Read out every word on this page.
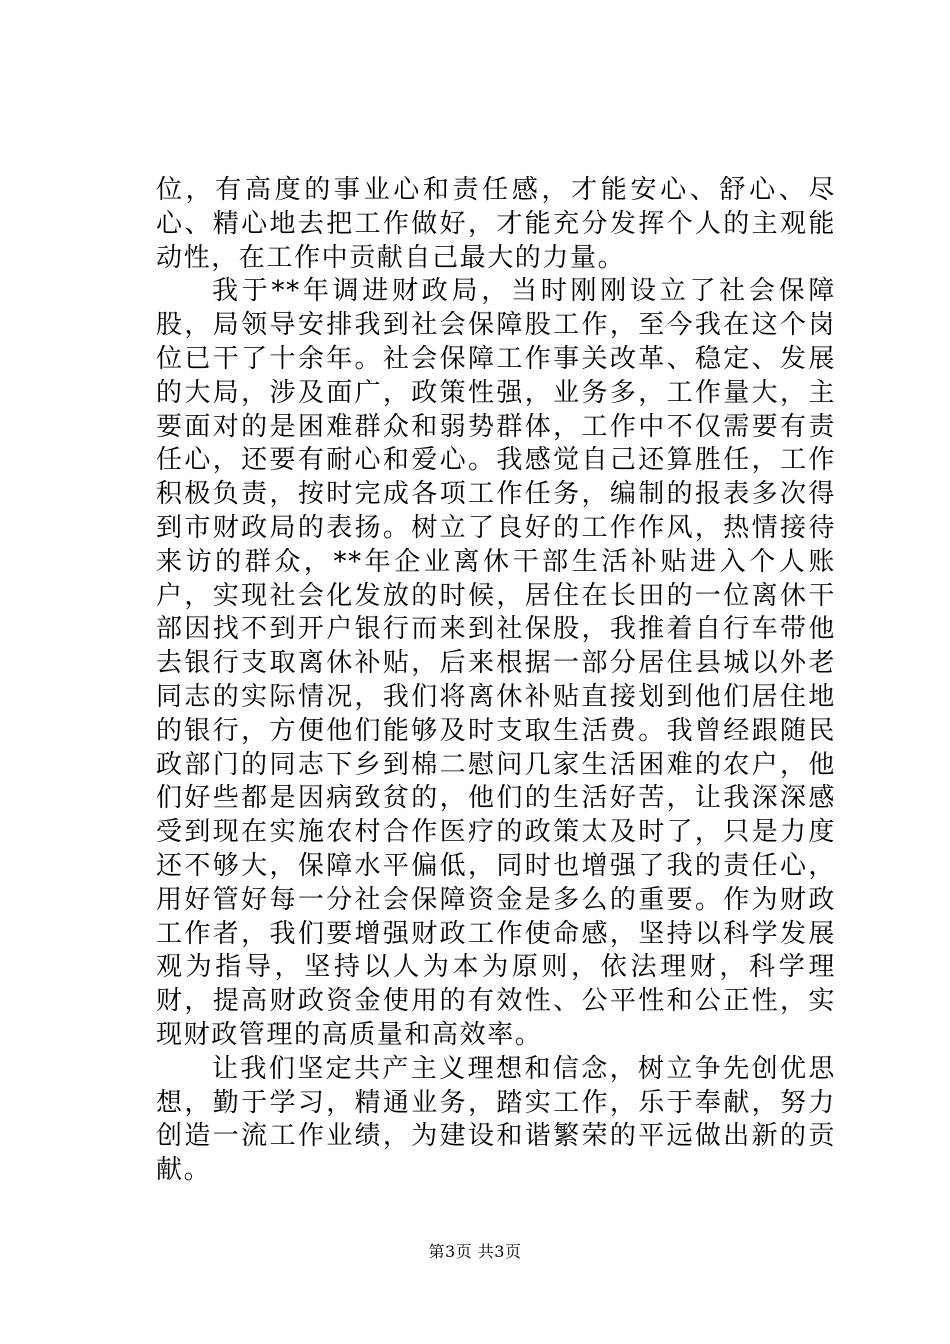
位，有高度的事业心和责任感，才能安心、舒心、尽心、精心地去把工作做好，才能充分发挥个人的主观能动性，在工作中贡献自己最大的力量。

我于**年调进财政局，当时刚刚设立了社会保障股，局领导安排我到社会保障股工作，至今我在这个岗位已干了十余年。社会保障工作事关改革、稳定、发展的大局，涉及面广，政策性强，业务多，工作量大，主要面对的是困难群众和弱势群体，工作中不仅需要有责任心，还要有耐心和爱心。我感觉自己还算胜任，工作积极负责，按时完成各项工作任务，编制的报表多次得到市财政局的表扬。树立了良好的工作作风，热情接待来访的群众，**年企业离休干部生活补贴进入个人账户，实现社会化发放的时候，居住在长田的一位离休干部因找不到开户银行而来到社保股，我推着自行车带他去银行支取离休补贴，后来根据一部分居住县城以外老同志的实际情况，我们将离休补贴直接划到他们居住地的银行，方便他们能够及时支取生活费。我曾经跟随民政部门的同志下乡到棉二慰问几家生活困难的农户，他们好些都是因病致贫的，他们的生活好苦，让我深深感受到现在实施农村合作医疗的政策太及时了，只是力度还不够大，保障水平偏低，同时也增强了我的责任心，用好管好每一分社会保障资金是多么的重要。作为财政工作者，我们要增强财政工作使命感，坚持以科学发展观为指导，坚持以人为本为原则，依法理财，科学理财，提高财政资金使用的有效性、公平性和公正性，实现财政管理的高质量和高效率。

让我们坚定共产主义理想和信念，树立争先创优思想，勤于学习，精通业务，踏实工作，乐于奉献，努力创造一流工作业绩，为建设和谐繁荣的平远做出新的贡献。

第3页 共3页
